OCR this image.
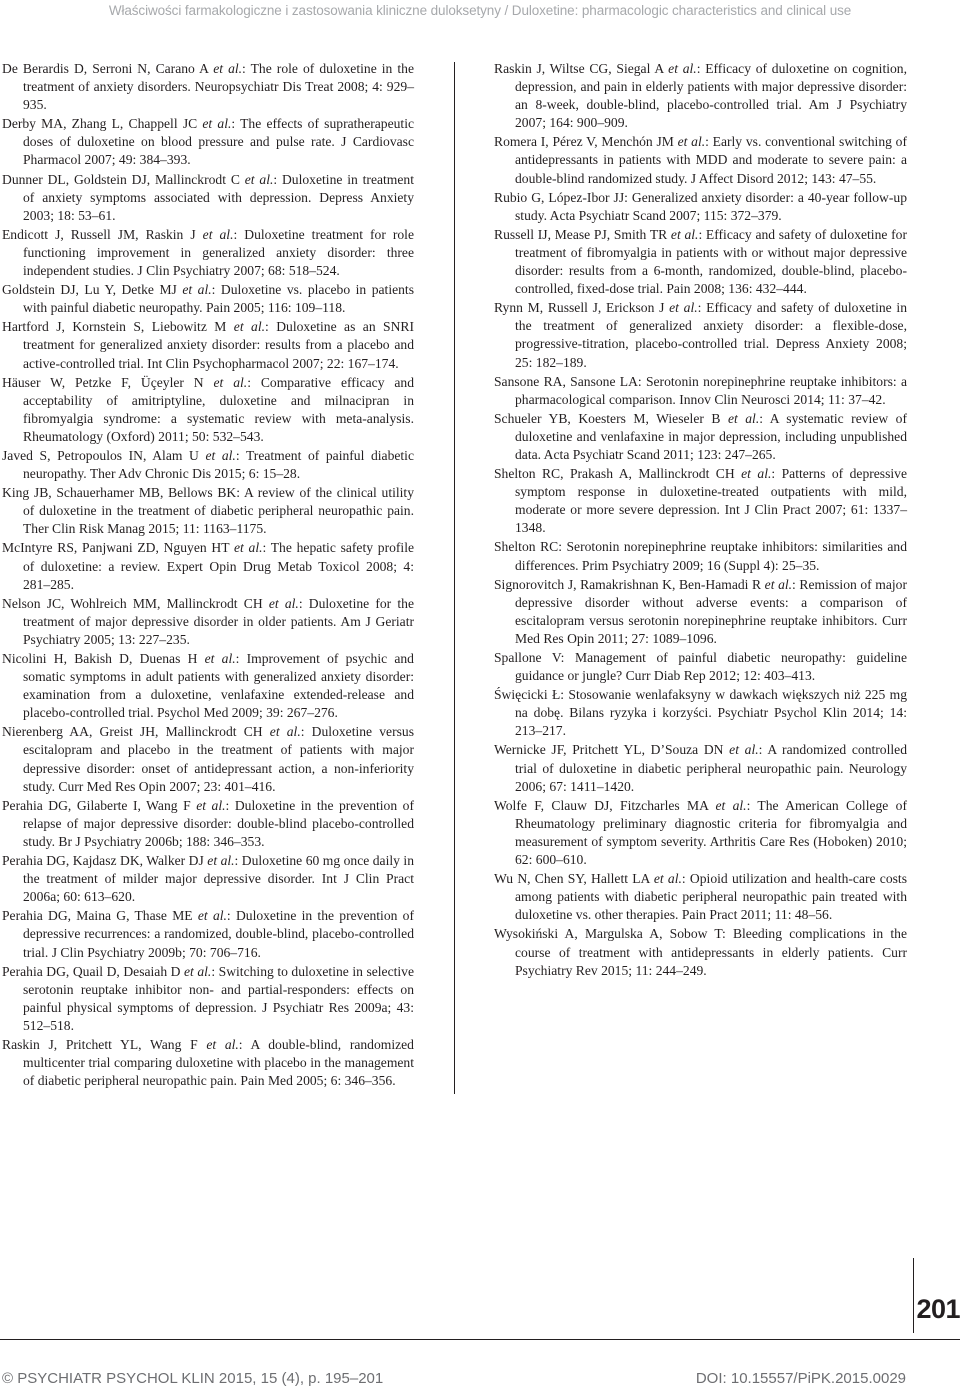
Właściwości farmakologiczne i zastosowania kliniczne duloksetyny / Duloxetine: pharmacologic characteristics and clinical use

De Berardis D, Serroni N, Carano A et al.: The role of duloxetine in the treatment of anxiety disorders. Neuropsychiatr Dis Treat 2008; 4: 929–935.

Derby MA, Zhang L, Chappell JC et al.: The effects of supratherapeutic doses of duloxetine on blood pressure and pulse rate. J Cardiovasc Pharmacol 2007; 49: 384–393.

Dunner DL, Goldstein DJ, Mallinckrodt C et al.: Duloxetine in treatment of anxiety symptoms associated with depression. Depress Anxiety 2003; 18: 53–61.

Endicott J, Russell JM, Raskin J et al.: Duloxetine treatment for role functioning improvement in generalized anxiety disorder: three independent studies. J Clin Psychiatry 2007; 68: 518–524.

Goldstein DJ, Lu Y, Detke MJ et al.: Duloxetine vs. placebo in patients with painful diabetic neuropathy. Pain 2005; 116: 109–118.

Hartford J, Kornstein S, Liebowitz M et al.: Duloxetine as an SNRI treatment for generalized anxiety disorder: results from a placebo and active-controlled trial. Int Clin Psychopharmacol 2007; 22: 167–174.

Häuser W, Petzke F, Üçeyler N et al.: Comparative efficacy and acceptability of amitriptyline, duloxetine and milnacipran in fibromyalgia syndrome: a systematic review with meta-analysis. Rheumatology (Oxford) 2011; 50: 532–543.

Javed S, Petropoulos IN, Alam U et al.: Treatment of painful diabetic neuropathy. Ther Adv Chronic Dis 2015; 6: 15–28.

King JB, Schauerhamer MB, Bellows BK: A review of the clinical utility of duloxetine in the treatment of diabetic peripheral neuropathic pain. Ther Clin Risk Manag 2015; 11: 1163–1175.

McIntyre RS, Panjwani ZD, Nguyen HT et al.: The hepatic safety profile of duloxetine: a review. Expert Opin Drug Metab Toxicol 2008; 4: 281–285.

Nelson JC, Wohlreich MM, Mallinckrodt CH et al.: Duloxetine for the treatment of major depressive disorder in older patients. Am J Geriatr Psychiatry 2005; 13: 227–235.

Nicolini H, Bakish D, Duenas H et al.: Improvement of psychic and somatic symptoms in adult patients with generalized anxiety disorder: examination from a duloxetine, venlafaxine extended-release and placebo-controlled trial. Psychol Med 2009; 39: 267–276.

Nierenberg AA, Greist JH, Mallinckrodt CH et al.: Duloxetine versus escitalopram and placebo in the treatment of patients with major depressive disorder: onset of antidepressant action, a non-inferiority study. Curr Med Res Opin 2007; 23: 401–416.

Perahia DG, Gilaberte I, Wang F et al.: Duloxetine in the prevention of relapse of major depressive disorder: double-blind placebo-controlled study. Br J Psychiatry 2006b; 188: 346–353.

Perahia DG, Kajdasz DK, Walker DJ et al.: Duloxetine 60 mg once daily in the treatment of milder major depressive disorder. Int J Clin Pract 2006a; 60: 613–620.

Perahia DG, Maina G, Thase ME et al.: Duloxetine in the prevention of depressive recurrences: a randomized, double-blind, placebo-controlled trial. J Clin Psychiatry 2009b; 70: 706–716.

Perahia DG, Quail D, Desaiah D et al.: Switching to duloxetine in selective serotonin reuptake inhibitor non- and partial-responders: effects on painful physical symptoms of depression. J Psychiatr Res 2009a; 43: 512–518.

Raskin J, Pritchett YL, Wang F et al.: A double-blind, randomized multicenter trial comparing duloxetine with placebo in the management of diabetic peripheral neuropathic pain. Pain Med 2005; 6: 346–356.

Raskin J, Wiltse CG, Siegal A et al.: Efficacy of duloxetine on cognition, depression, and pain in elderly patients with major depressive disorder: an 8-week, double-blind, placebo-controlled trial. Am J Psychiatry 2007; 164: 900–909.

Romera I, Pérez V, Menchón JM et al.: Early vs. conventional switching of antidepressants in patients with MDD and moderate to severe pain: a double-blind randomized study. J Affect Disord 2012; 143: 47–55.

Rubio G, López-Ibor JJ: Generalized anxiety disorder: a 40-year follow-up study. Acta Psychiatr Scand 2007; 115: 372–379.

Russell IJ, Mease PJ, Smith TR et al.: Efficacy and safety of duloxetine for treatment of fibromyalgia in patients with or without major depressive disorder: results from a 6-month, randomized, double-blind, placebo-controlled, fixed-dose trial. Pain 2008; 136: 432–444.

Rynn M, Russell J, Erickson J et al.: Efficacy and safety of duloxetine in the treatment of generalized anxiety disorder: a flexible-dose, progressive-titration, placebo-controlled trial. Depress Anxiety 2008; 25: 182–189.

Sansone RA, Sansone LA: Serotonin norepinephrine reuptake inhibitors: a pharmacological comparison. Innov Clin Neurosci 2014; 11: 37–42.

Schueler YB, Koesters M, Wieseler B et al.: A systematic review of duloxetine and venlafaxine in major depression, including unpublished data. Acta Psychiatr Scand 2011; 123: 247–265.

Shelton RC, Prakash A, Mallinckrodt CH et al.: Patterns of depressive symptom response in duloxetine-treated outpatients with mild, moderate or more severe depression. Int J Clin Pract 2007; 61: 1337–1348.

Shelton RC: Serotonin norepinephrine reuptake inhibitors: similarities and differences. Prim Psychiatry 2009; 16 (Suppl 4): 25–35.

Signorovitch J, Ramakrishnan K, Ben-Hamadi R et al.: Remission of major depressive disorder without adverse events: a comparison of escitalopram versus serotonin norepinephrine reuptake inhibitors. Curr Med Res Opin 2011; 27: 1089–1096.

Spallone V: Management of painful diabetic neuropathy: guideline guidance or jungle? Curr Diab Rep 2012; 12: 403–413.

Święcicki Ł: Stosowanie wenlafaksyny w dawkach większych niż 225 mg na dobę. Bilans ryzyka i korzyści. Psychiatr Psychol Klin 2014; 14: 213–217.

Wernicke JF, Pritchett YL, D’Souza DN et al.: A randomized controlled trial of duloxetine in diabetic peripheral neuropathic pain. Neurology 2006; 67: 1411–1420.

Wolfe F, Clauw DJ, Fitzcharles MA et al.: The American College of Rheumatology preliminary diagnostic criteria for fibromyalgia and measurement of symptom severity. Arthritis Care Res (Hoboken) 2010; 62: 600–610.

Wu N, Chen SY, Hallett LA et al.: Opioid utilization and health-care costs among patients with diabetic peripheral neuropathic pain treated with duloxetine vs. other therapies. Pain Pract 2011; 11: 48–56.

Wysokiński A, Margulska A, Sobow T: Bleeding complications in the course of treatment with antidepressants in elderly patients. Curr Psychiatry Rev 2015; 11: 244–249.

201
© PSYCHIATR PSYCHOL KLIN 2015, 15 (4), p. 195–201	DOI: 10.15557/PiPK.2015.0029
